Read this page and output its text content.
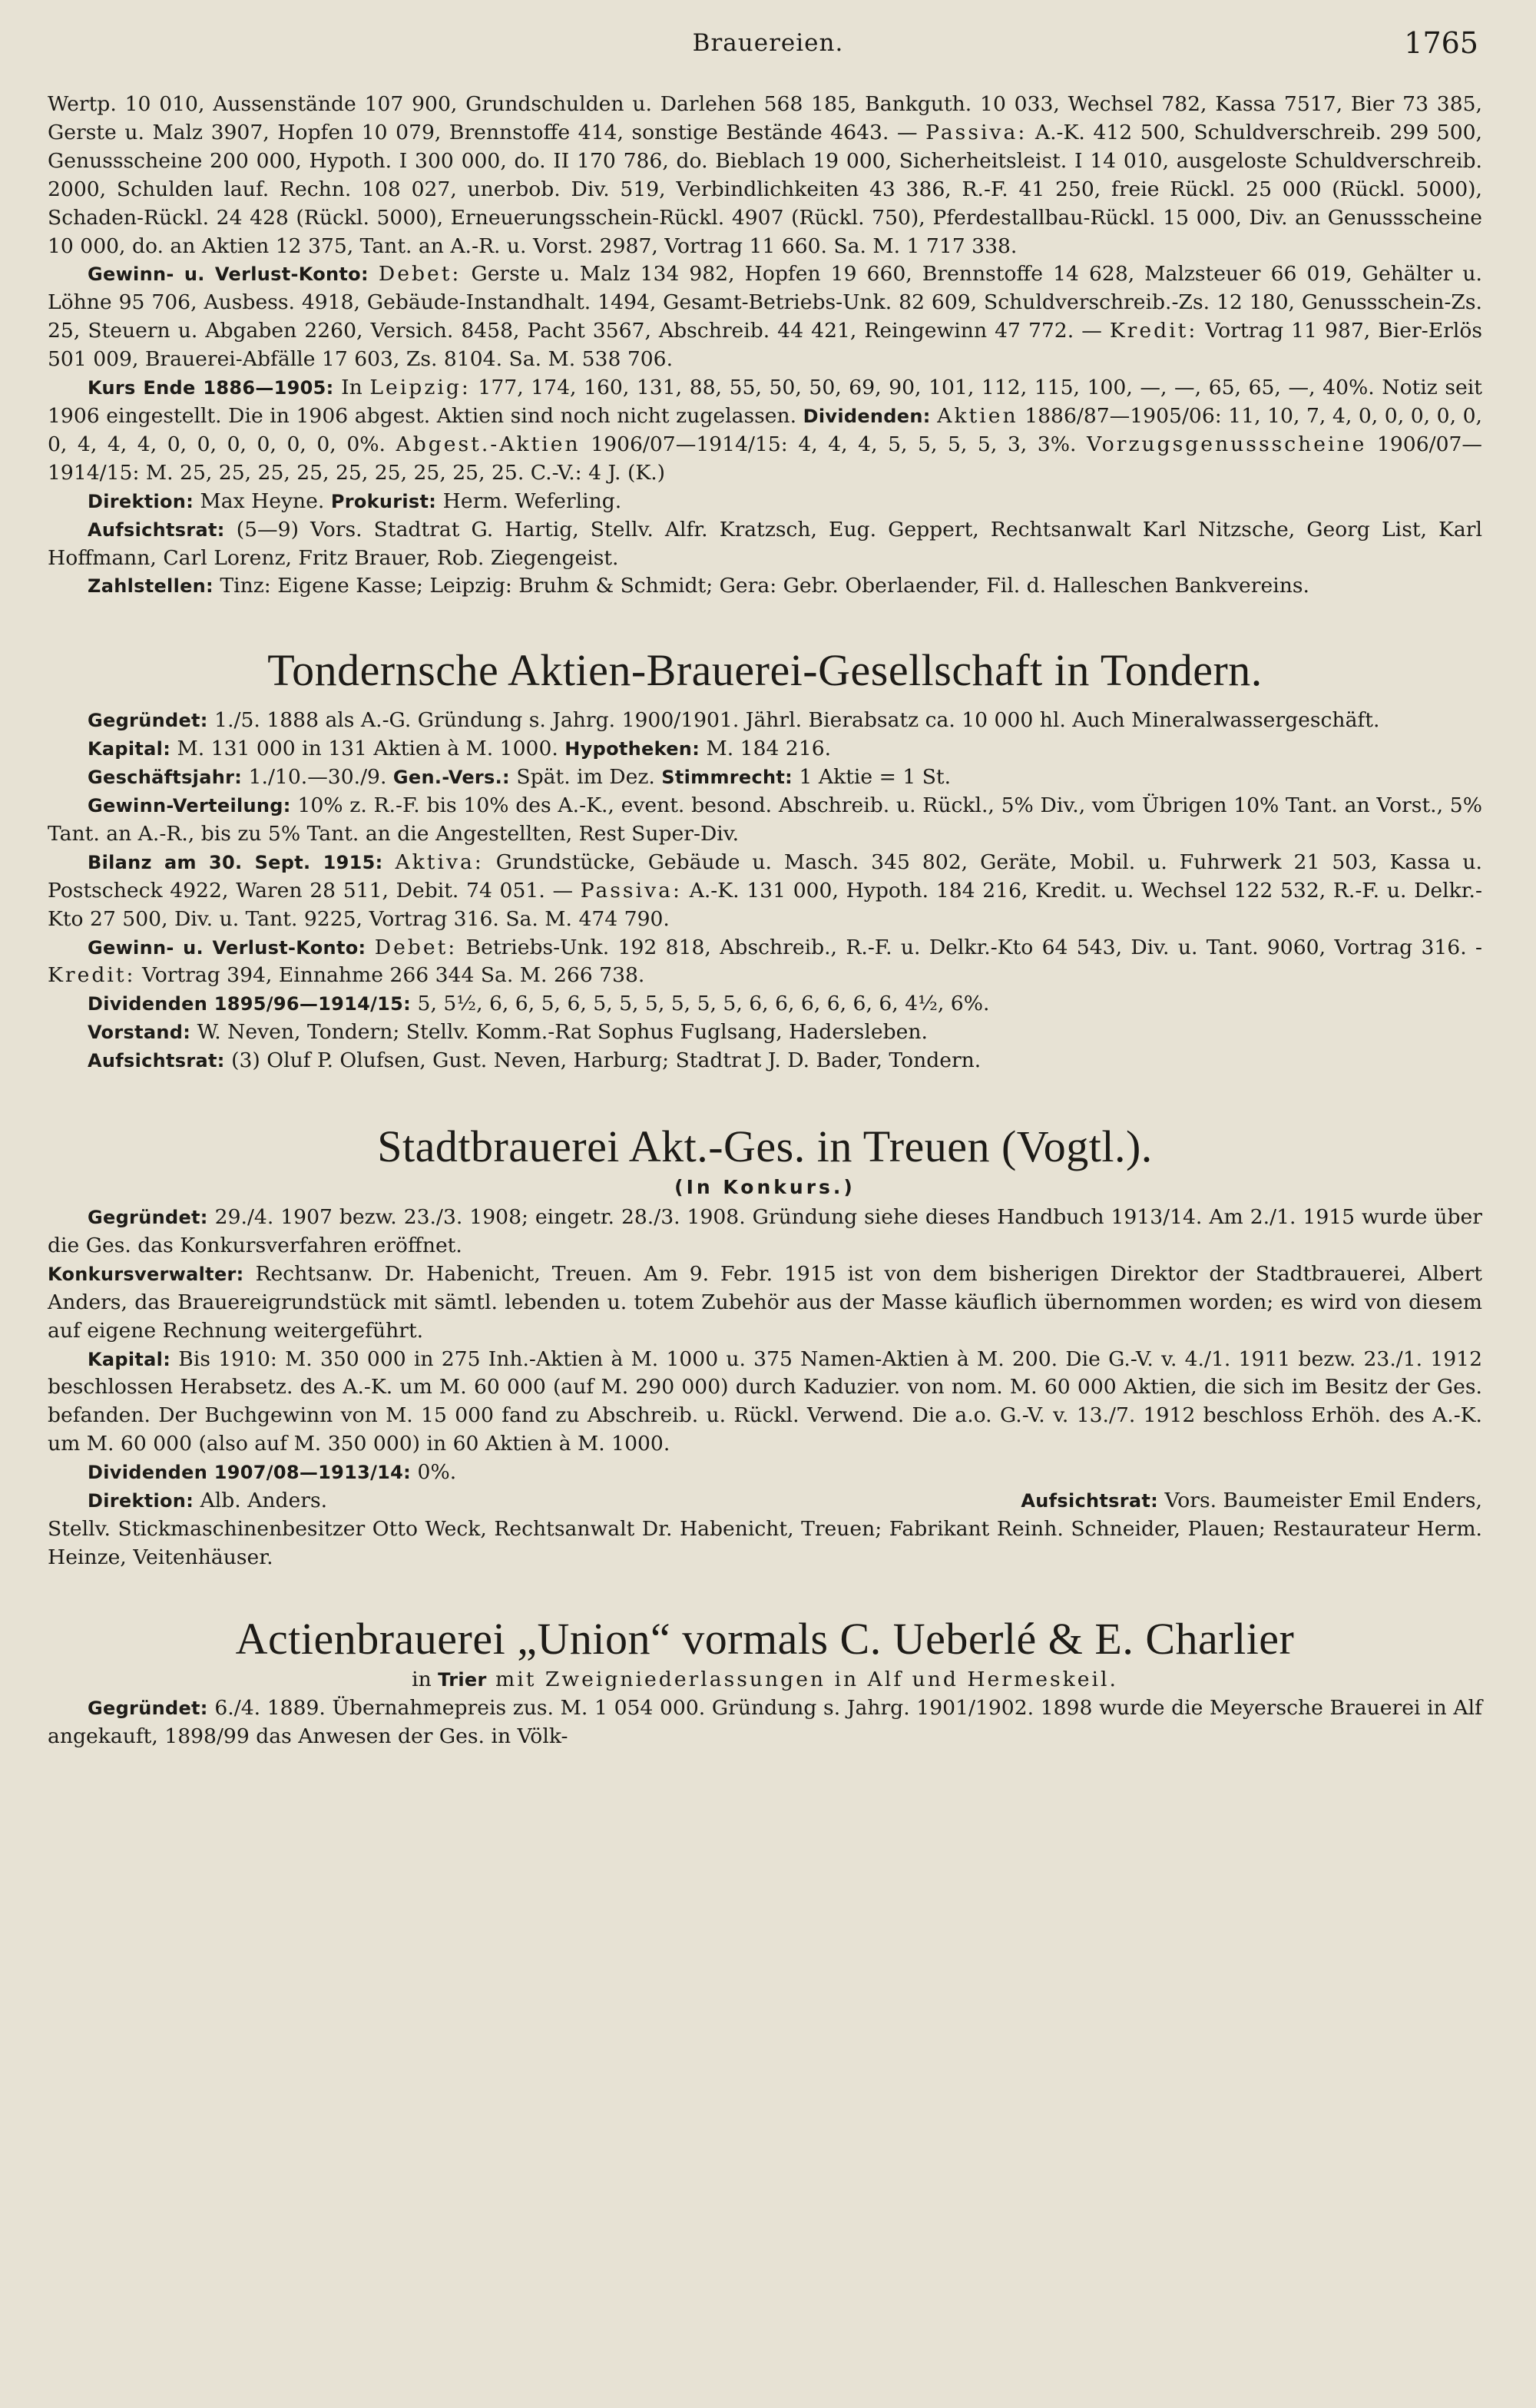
Brauereien.	1765

Wertp. 10 010, Aussenstände 107 900, Grundschulden u. Darlehen 568 185, Bankguth. 10 033, Wechsel 782, Kassa 7517, Bier 73 385, Gerste u. Malz 3907, Hopfen 10 079, Brennstoffe 414, sonstige Bestände 4643. — Passiva: A.-K. 412 500, Schuldverschreib. 299 500, Genussscheine 200 000, Hypoth. I 300 000, do. II 170 786, do. Bieblach 19 000, Sicherheitsleist. I 14 010, ausgeloste Schuldverschreib. 2000, Schulden lauf. Rechn. 108 027, unerbob. Div. 519, Verbindlichkeiten 43 386, R.-F. 41 250, freie Rückl. 25 000 (Rückl. 5000), Schaden-Rückl. 24 428 (Rückl. 5000), Erneuerungsschein-Rückl. 4907 (Rückl. 750), Pferdestallbau-Rückl. 15 000, Div. an Genussscheine 10 000, do. an Aktien 12 375, Tant. an A.-R. u. Vorst. 2987, Vortrag 11 660. Sa. M. 1 717 338.

Gewinn- u. Verlust-Konto: Debet: Gerste u. Malz 134 982, Hopfen 19 660, Brennstoffe 14 628, Malzsteuer 66 019, Gehälter u. Löhne 95 706, Ausbess. 4918, Gebäude-Instandhalt. 1494, Gesamt-Betriebs-Unk. 82 609, Schuldverschreib.-Zs. 12 180, Genussschein-Zs. 25, Steuern u. Abgaben 2260, Versich. 8458, Pacht 3567, Abschreib. 44 421, Reingewinn 47 772. — Kredit: Vortrag 11 987, Bier-Erlös 501 009, Brauerei-Abfälle 17 603, Zs. 8104. Sa. M. 538 706.

Kurs Ende 1886—1905: In Leipzig: 177, 174, 160, 131, 88, 55, 50, 50, 69, 90, 101, 112, 115, 100, —, —, 65, 65, —, 40%. Notiz seit 1906 eingestellt. Die in 1906 abgest. Aktien sind noch nicht zugelassen. Dividenden: Aktien 1886/87—1905/06: 11, 10, 7, 4, 0, 0, 0, 0, 0, 0, 4, 4, 4, 0, 0, 0, 0, 0, 0, 0%. Abgest.-Aktien 1906/07—1914/15: 4, 4, 4, 5, 5, 5, 5, 3, 3%. Vorzugsgenussscheine 1906/07—1914/15: M. 25, 25, 25, 25, 25, 25, 25, 25, 25. C.-V.: 4 J. (K.)

Direktion: Max Heyne. Prokurist: Herm. Weferling.

Aufsichtsrat: (5—9) Vors. Stadtrat G. Hartig, Stellv. Alfr. Kratzsch, Eug. Geppert, Rechtsanwalt Karl Nitzsche, Georg List, Karl Hoffmann, Carl Lorenz, Fritz Brauer, Rob. Ziegengeist.

Zahlstellen: Tinz: Eigene Kasse; Leipzig: Bruhm & Schmidt; Gera: Gebr. Oberlaender, Fil. d. Halleschen Bankvereins.

Tondernsche Aktien-Brauerei-Gesellschaft in Tondern.

Gegründet: 1./5. 1888 als A.-G. Gründung s. Jahrg. 1900/1901. Jährl. Bierabsatz ca. 10 000 hl. Auch Mineralwassergeschäft.

Kapital: M. 131 000 in 131 Aktien à M. 1000. Hypotheken: M. 184 216.

Geschäftsjahr: 1./10.—30./9. Gen.-Vers.: Spät. im Dez. Stimmrecht: 1 Aktie = 1 St.

Gewinn-Verteilung: 10% z. R.-F. bis 10% des A.-K., event. besond. Abschreib. u. Rückl., 5% Div., vom Übrigen 10% Tant. an Vorst., 5% Tant. an A.-R., bis zu 5% Tant. an die Angestellten, Rest Super-Div.

Bilanz am 30. Sept. 1915: Aktiva: Grundstücke, Gebäude u. Masch. 345 802, Geräte, Mobil. u. Fuhrwerk 21 503, Kassa u. Postscheck 4922, Waren 28 511, Debit. 74 051. — Passiva: A.-K. 131 000, Hypoth. 184 216, Kredit. u. Wechsel 122 532, R.-F. u. Delkr.-Kto 27 500, Div. u. Tant. 9225, Vortrag 316. Sa. M. 474 790.

Gewinn- u. Verlust-Konto: Debet: Betriebs-Unk. 192 818, Abschreib., R.-F. u. Delkr.-Kto 64 543, Div. u. Tant. 9060, Vortrag 316. - Kredit: Vortrag 394, Einnahme 266 344 Sa. M. 266 738.

Dividenden 1895/96—1914/15: 5, 5½, 6, 6, 5, 6, 5, 5, 5, 5, 5, 5, 6, 6, 6, 6, 6, 6, 4½, 6%.

Vorstand: W. Neven, Tondern; Stellv. Komm.-Rat Sophus Fuglsang, Hadersleben.

Aufsichtsrat: (3) Oluf P. Olufsen, Gust. Neven, Harburg; Stadtrat J. D. Bader, Tondern.

Stadtbrauerei Akt.-Ges. in Treuen (Vogtl.).
(In Konkurs.)

Gegründet: 29./4. 1907 bezw. 23./3. 1908; eingetr. 28./3. 1908. Gründung siehe dieses Handbuch 1913/14. Am 2./1. 1915 wurde über die Ges. das Konkursverfahren eröffnet.

Konkursverwalter: Rechtsanw. Dr. Habenicht, Treuen. Am 9. Febr. 1915 ist von dem bisherigen Direktor der Stadtbrauerei, Albert Anders, das Brauereigrundstück mit sämtl. lebenden u. totem Zubehör aus der Masse käuflich übernommen worden; es wird von diesem auf eigene Rechnung weitergeführt.

Kapital: Bis 1910: M. 350 000 in 275 Inh.-Aktien à M. 1000 u. 375 Namen-Aktien à M. 200. Die G.-V. v. 4./1. 1911 bezw. 23./1. 1912 beschlossen Herabsetz. des A.-K. um M. 60 000 (auf M. 290 000) durch Kaduzier. von nom. M. 60 000 Aktien, die sich im Besitz der Ges. befanden. Der Buchgewinn von M. 15 000 fand zu Abschreib. u. Rückl. Verwend. Die a.o. G.-V. v. 13./7. 1912 beschloss Erhöh. des A.-K. um M. 60 000 (also auf M. 350 000) in 60 Aktien à M. 1000.

Dividenden 1907/08—1913/14: 0%.

Direktion: Alb. Anders.	Aufsichtsrat: Vors. Baumeister Emil Enders,

Stellv. Stickmaschinenbesitzer Otto Weck, Rechtsanwalt Dr. Habenicht, Treuen; Fabrikant Reinh. Schneider, Plauen; Restaurateur Herm. Heinze, Veitenhäuser.

Actienbrauerei „Union“ vormals C. Ueberlé & E. Charlier
in Trier mit Zweigniederlassungen in Alf und Hermeskeil.

Gegründet: 6./4. 1889. Übernahmepreis zus. M. 1 054 000. Gründung s. Jahrg. 1901/1902. 1898 wurde die Meyersche Brauerei in Alf angekauft, 1898/99 das Anwesen der Ges. in Völk-
